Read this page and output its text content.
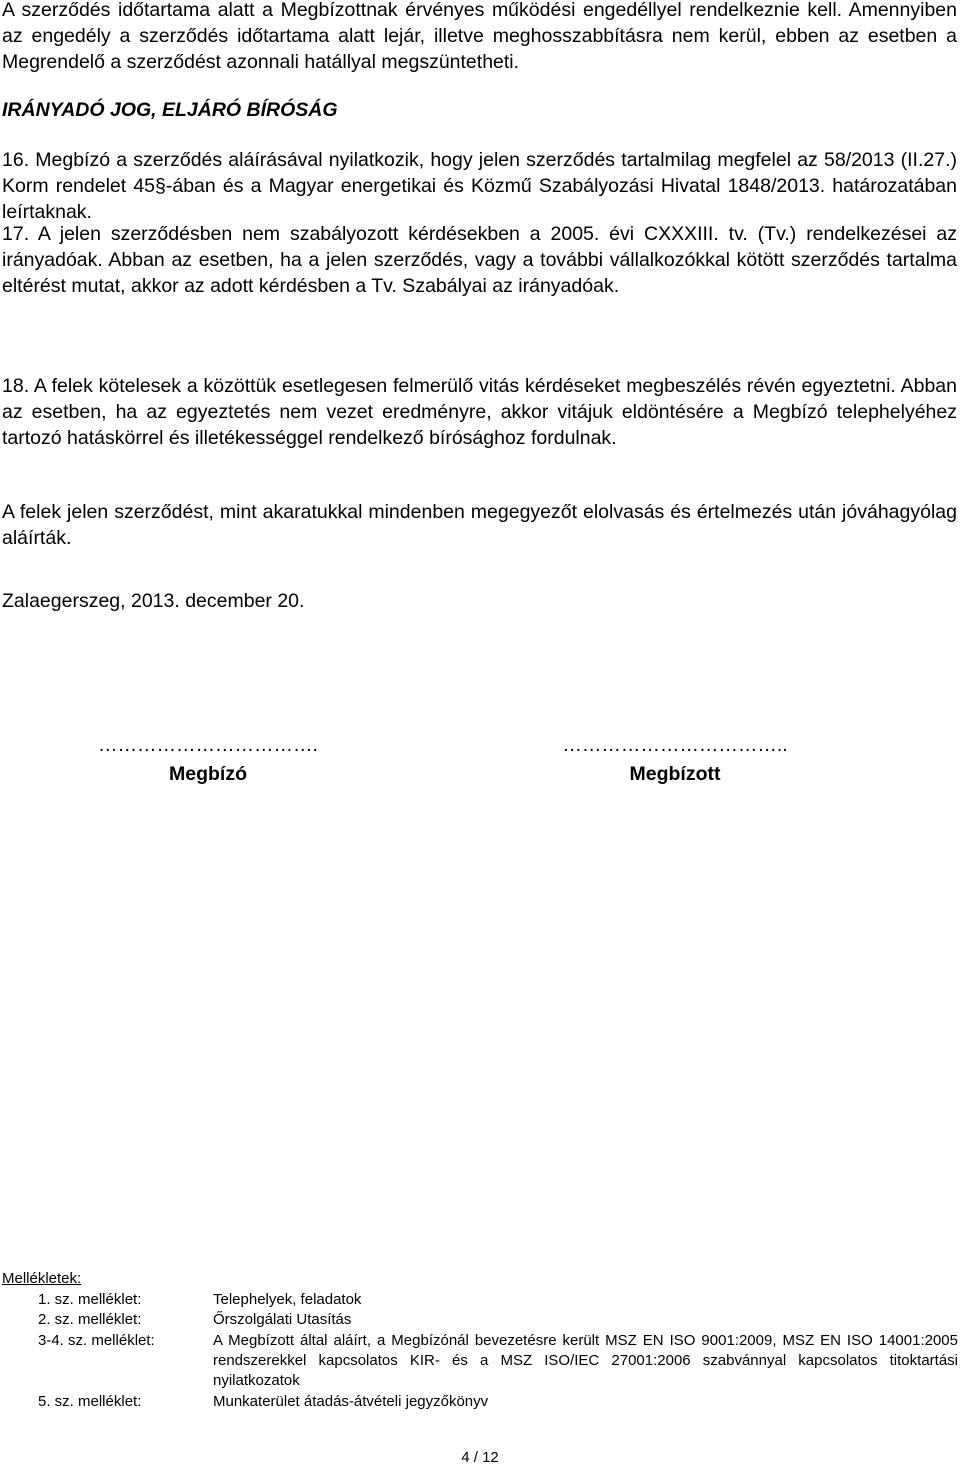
A szerződés időtartama alatt a Megbízottnak érvényes működési engedéllyel rendelkeznie kell. Amennyiben az engedély a szerződés időtartama alatt lejár, illetve meghosszabbításra nem kerül, ebben az esetben a Megrendelő a szerződést azonnali hatállyal megszüntetheti.

IRÁNYADÓ JOG, ELJÁRÓ BÍRÓSÁG

16. Megbízó a szerződés aláírásával nyilatkozik, hogy jelen szerződés tartalmilag megfelel az 58/2013 (II.27.) Korm rendelet 45§-ában és a Magyar energetikai és Közmű Szabályozási Hivatal 1848/2013. határozatában leírtaknak.

17. A jelen szerződésben nem szabályozott kérdésekben a 2005. évi CXXXIII. tv. (Tv.) rendelkezései az irányadóak. Abban az esetben, ha a jelen szerződés, vagy a további vállalkozókkal kötött szerződés tartalma eltérést mutat, akkor az adott kérdésben a Tv. Szabályai az irányadóak.

18. A felek kötelesek a közöttük esetlegesen felmerülő vitás kérdéseket megbeszélés révén egyeztetni. Abban az esetben, ha az egyeztetés nem vezet eredményre, akkor vitájuk eldöntésére a Megbízó telephelyéhez tartozó hatáskörrel és illetékességgel rendelkező bírósághoz fordulnak.

A felek jelen szerződést, mint akaratukkal mindenben megegyezőt elolvasás és értelmezés után jóváhagyólag aláírták.

Zalaegerszeg, 2013. december 20.
…………………………….
Megbízó
……………………………..
Megbízott
Mellékletek:
1. sz. melléklet:	Telephelyek, feladatok
2. sz. melléklet:	Őrszolgálati Utasítás
3-4. sz. melléklet:	A Megbízott által aláírt, a Megbízónál bevezetésre került MSZ EN ISO 9001:2009, MSZ EN ISO 14001:2005 rendszerekkel kapcsolatos KIR- és a MSZ ISO/IEC 27001:2006 szabvánnyal kapcsolatos titoktartási nyilatkozatok
5. sz. melléklet:	Munkaterület átadás-átvételi jegyzőkönyv
4 / 12
